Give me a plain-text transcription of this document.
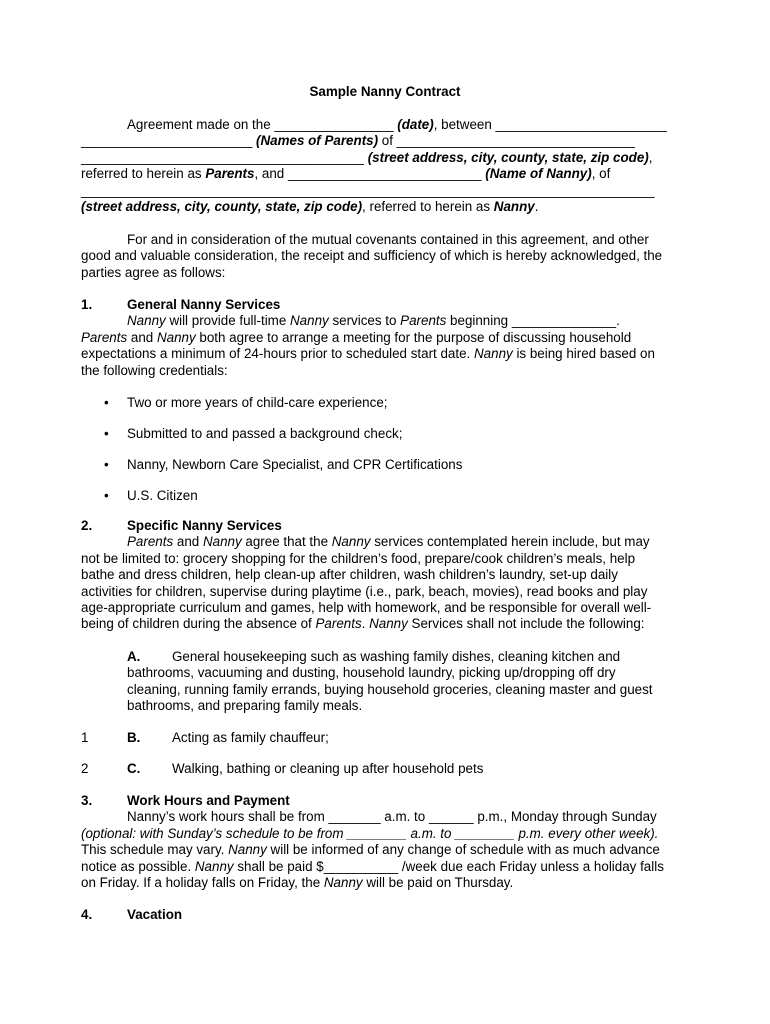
Sample Nanny Contract
Agreement made on the ________________ (date), between _______________________
_______________________ (Names of Parents) of ________________________________
______________________________________ (street address, city, county, state, zip code),
referred to herein as Parents, and __________________________ (Name of Nanny), of
_____________________________________________________________________________
(street address, city, county, state, zip code), referred to herein as Nanny.
For and in consideration of the mutual covenants contained in this agreement, and other
good and valuable consideration, the receipt and sufficiency of which is hereby acknowledged, the
parties agree as follows:
1.	General Nanny Services
Nanny will provide full-time Nanny services to Parents beginning ______________.
Parents and Nanny both agree to arrange a meeting for the purpose of discussing household
expectations a minimum of 24-hours prior to scheduled start date. Nanny is being hired based on
the following credentials:
• Two or more years of child-care experience;
• Submitted to and passed a background check;
• Nanny, Newborn Care Specialist, and CPR Certifications
• U.S. Citizen
2.	Specific Nanny Services
Parents and Nanny agree that the Nanny services contemplated herein include, but may
not be limited to: grocery shopping for the children’s food, prepare/cook children’s meals, help
bathe and dress children, help clean-up after children, wash children’s laundry, set-up daily
activities for children, supervise during playtime (i.e., park, beach, movies), read books and play
age-appropriate curriculum and games, help with homework, and be responsible for overall well-
being of children during the absence of Parents. Nanny Services shall not include the following:
A. General housekeeping such as washing family dishes, cleaning kitchen and
bathrooms, vacuuming and dusting, household laundry, picking up/dropping off dry
cleaning, running family errands, buying household groceries, cleaning master and guest
bathrooms, and preparing family meals.
1	B. Acting as family chauffeur;
2	C. Walking, bathing or cleaning up after household pets
3.	Work Hours and Payment
Nanny’s work hours shall be from _______ a.m. to ______ p.m., Monday through Sunday
(optional: with Sunday’s schedule to be from ________ a.m. to ________ p.m. every other week).
This schedule may vary. Nanny will be informed of any change of schedule with as much advance
notice as possible. Nanny shall be paid $__________ /week due each Friday unless a holiday falls
on Friday. If a holiday falls on Friday, the Nanny will be paid on Thursday.
4.	Vacation
